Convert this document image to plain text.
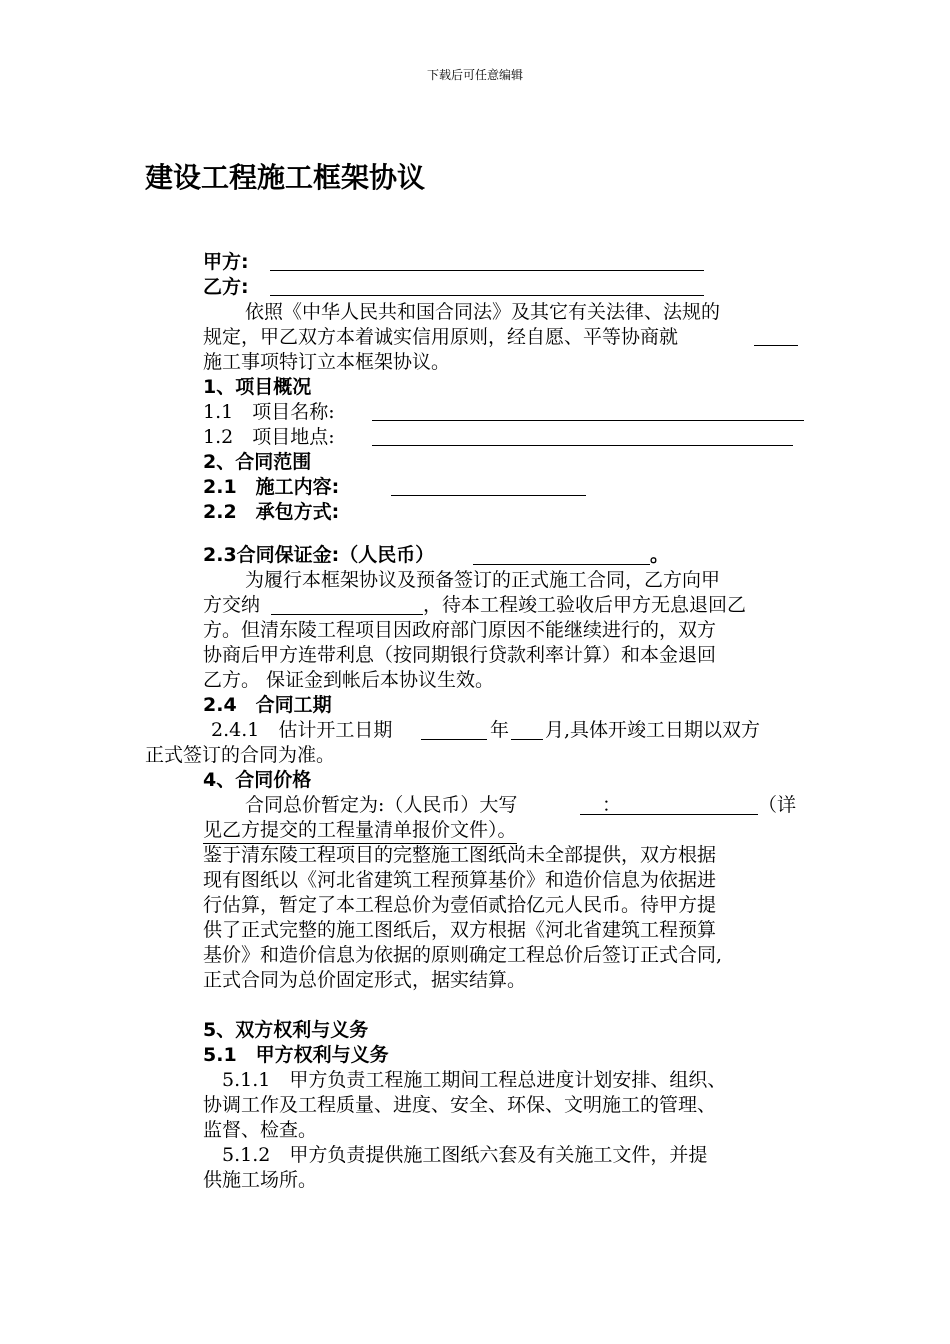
下载后可任意编辑
建设工程施工框架协议
甲方:
乙方:
依照《中华人民共和国合同法》及其它有关法律、法规的
规定，甲乙双方本着诚实信用原则，经自愿、平等协商就
施工事项特订立本框架协议。
1、项目概况
1.1　项目名称:
1.2　项目地点:
2、合同范围
2.1　施工内容:
2.2　承包方式:
2.3合同保证金:（人民币）	。
为履行本框架协议及预备签订的正式施工合同，乙方向甲
方交纳	，待本工程竣工验收后甲方无息退回乙
方。但清东陵工程项目因政府部门原因不能继续进行的，双方
协商后甲方连带利息（按同期银行贷款利率计算）和本金退回
乙方。 保证金到帐后本协议生效。
2.4　合同工期
2.4.1　估计开工日期	年 月,具体开竣工日期以双方
正式签订的合同为准。
4、合同价格
合同总价暂定为:（人民币）大写	：	（详
见乙方提交的工程量清单报价文件）。
鉴于清东陵工程项目的完整施工图纸尚未全部提供，双方根据
现有图纸以《河北省建筑工程预算基价》和造价信息为依据进
行估算，暂定了本工程总价为壹佰贰拾亿元人民币。待甲方提
供了正式完整的施工图纸后，双方根据《河北省建筑工程预算
基价》和造价信息为依据的原则确定工程总价后签订正式合同,
正式合同为总价固定形式，据实结算。
5、双方权利与义务
5.1　甲方权利与义务
5.1.1　甲方负责工程施工期间工程总进度计划安排、组织、
协调工作及工程质量、进度、安全、环保、文明施工的管理、
监督、检查。
5.1.2　甲方负责提供施工图纸六套及有关施工文件，并提
供施工场所。
